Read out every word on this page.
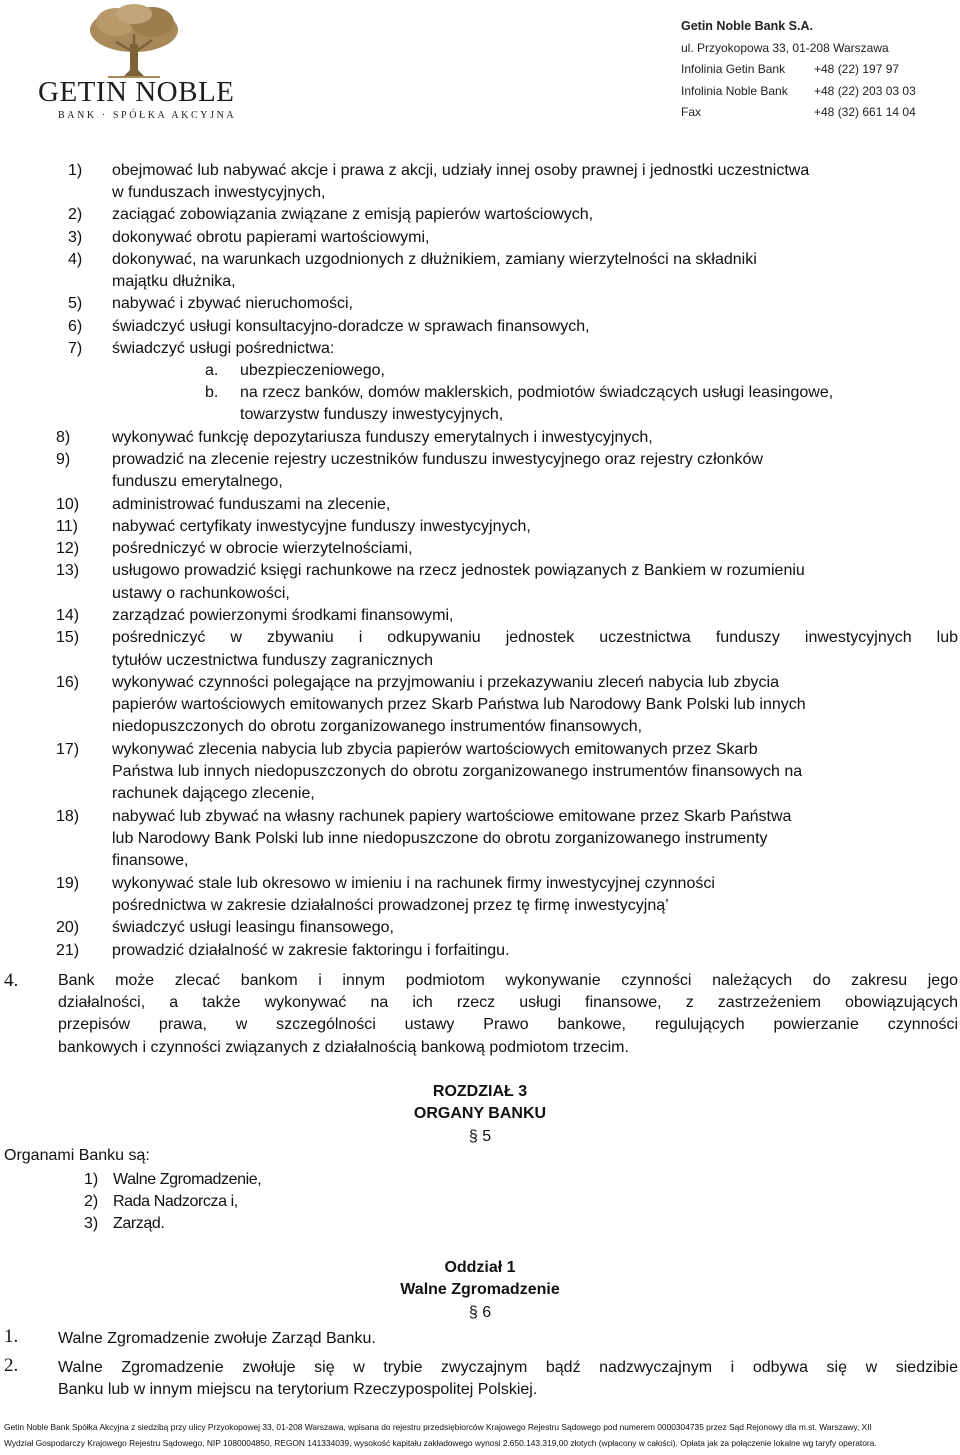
GETIN NOBLE
BANK · SPÓŁKA AKCYJNA
Getin Noble Bank S.A.
ul. Przyokopowa 33, 01-208 Warszawa
Infolinia Getin Bank	+48 (22) 197 97
Infolinia Noble Bank	+48 (22) 203 03 03
Fax	+48 (32) 661 14 04
1) obejmować lub nabywać akcje i prawa z akcji, udziały innej osoby prawnej i jednostki uczestnictwa
w funduszach inwestycyjnych,
2) zaciągać zobowiązania związane z emisją papierów wartościowych,
3) dokonywać obrotu papierami wartościowymi,
4) dokonywać, na warunkach uzgodnionych z dłużnikiem, zamiany wierzytelności na składniki
majątku dłużnika,
5) nabywać i zbywać nieruchomości,
6) świadczyć usługi konsultacyjno-doradcze w sprawach finansowych,
7) świadczyć usługi pośrednictwa:
a. ubezpieczeniowego,
b. na rzecz banków, domów maklerskich, podmiotów świadczących usługi leasingowe,
towarzystw funduszy inwestycyjnych,
8)	wykonywać funkcję depozytariusza funduszy emerytalnych i inwestycyjnych,
9)	prowadzić na zlecenie rejestry uczestników funduszu inwestycyjnego oraz rejestry członków
funduszu emerytalnego,
10) administrować funduszami na zlecenie,
11) nabywać certyfikaty inwestycyjne funduszy inwestycyjnych,
12) pośredniczyć w obrocie wierzytelnościami,
13) usługowo prowadzić księgi rachunkowe na rzecz jednostek powiązanych z Bankiem w rozumieniu
ustawy o rachunkowości,
14) zarządzać powierzonymi środkami finansowymi,
15) pośredniczyć w zbywaniu i odkupywaniu jednostek uczestnictwa funduszy inwestycyjnych lub
tytułów uczestnictwa funduszy zagranicznych
16) wykonywać czynności polegające na przyjmowaniu i przekazywaniu zleceń nabycia lub zbycia
papierów wartościowych emitowanych przez Skarb Państwa lub Narodowy Bank Polski lub innych
niedopuszczonych do obrotu zorganizowanego instrumentów finansowych,
17) wykonywać zlecenia nabycia lub zbycia papierów wartościowych emitowanych przez Skarb
Państwa lub innych niedopuszczonych do obrotu zorganizowanego instrumentów finansowych na
rachunek dającego zlecenie,
18) nabywać lub zbywać na własny rachunek papiery wartościowe emitowane przez Skarb Państwa
lub Narodowy Bank Polski lub inne niedopuszczone do obrotu zorganizowanego instrumenty
finansowe,
19) wykonywać stale lub okresowo w imieniu i na rachunek firmy inwestycyjnej czynności
pośrednictwa w zakresie działalności prowadzonej przez tę firmę inwestycyjną’
20) świadczyć usługi leasingu finansowego,
21) prowadzić działalność w zakresie faktoringu i forfaitingu.
4. Bank może zlecać bankom i innym podmiotom wykonywanie czynności należących do zakresu jego
działalności, a także wykonywać na ich rzecz usługi finansowe, z zastrzeżeniem obowiązujących
przepisów prawa, w szczególności ustawy Prawo bankowe, regulujących powierzanie czynności
bankowych i czynności związanych z działalnością bankową podmiotom trzecim.
ROZDZIAŁ 3
ORGANY BANKU
§ 5
Organami Banku są:
1) Walne Zgromadzenie,
2) Rada Nadzorcza i,
3) Zarząd.
Oddział 1
Walne Zgromadzenie
§ 6
1. Walne Zgromadzenie zwołuje Zarząd Banku.
2. Walne Zgromadzenie zwołuje się w trybie zwyczajnym bądź nadzwyczajnym i odbywa się w siedzibie
Banku lub w innym miejscu na terytorium Rzeczypospolitej Polskiej.
Getin Noble Bank Spółka Akcyjna z siedzibą przy ulicy Przyokopowej 33, 01-208 Warszawa, wpisana do rejestru przedsiębiorców Krajowego Rejestru Sądowego pod numerem 0000304735 przez Sąd Rejonowy dla m.st. Warszawy, XII
Wydział Gospodarczy Krajowego Rejestru Sądowego, NIP 1080004850, REGON 141334039, wysokość kapitału zakładowego wynosi 2.650.143.319,00 złotych (wpłacony w całości). Opłata jak za połączenie lokalne wg taryfy operatora.
